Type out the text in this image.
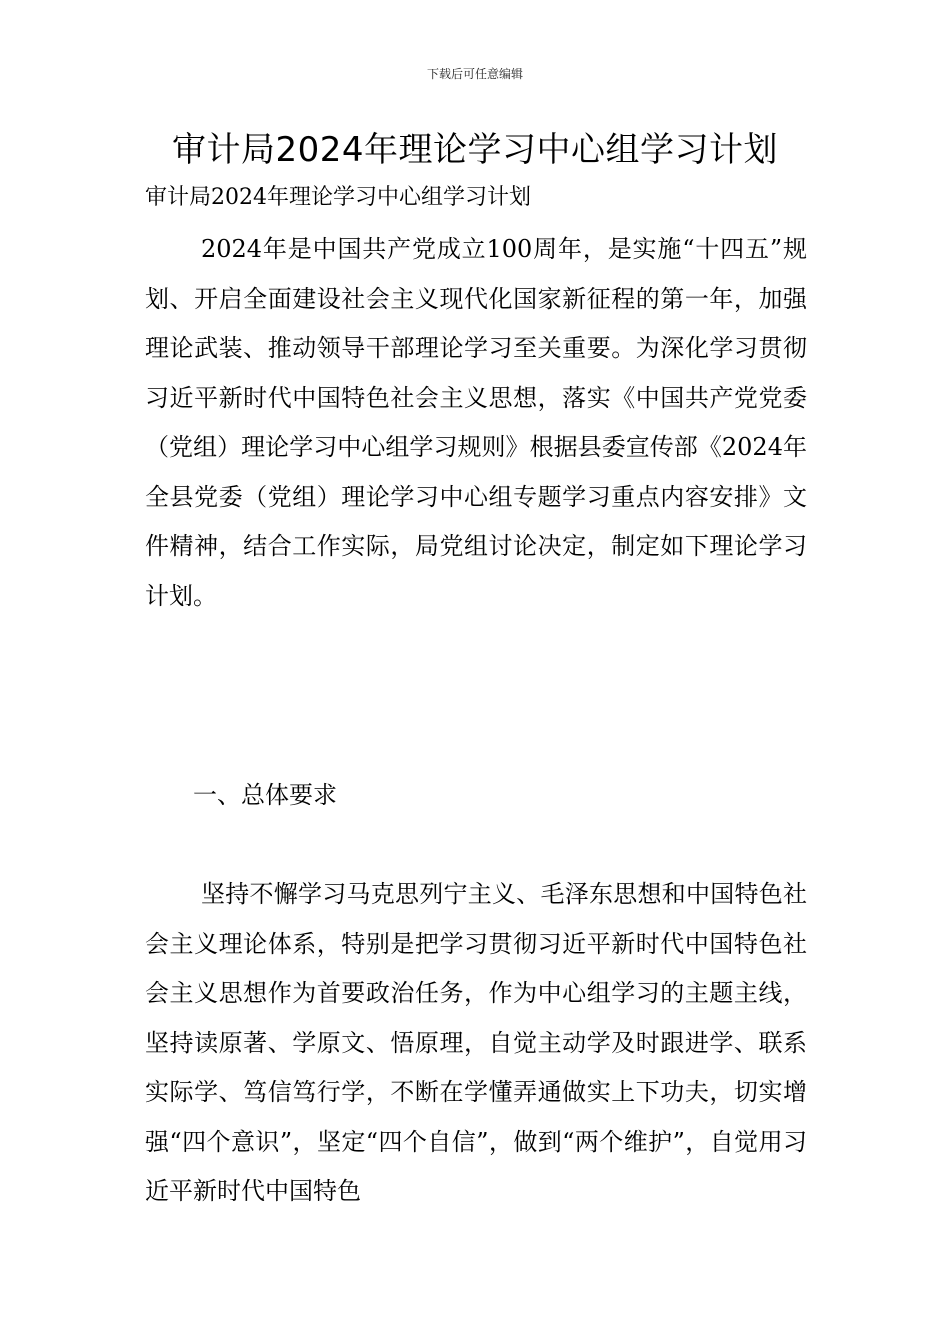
下载后可任意编辑
审计局2024年理论学习中心组学习计划
审计局2024年理论学习中心组学习计划

2024年是中国共产党成立100周年，是实施“十四五”规划、开启全面建设社会主义现代化国家新征程的第一年，加强理论武装、推动领导干部理论学习至关重要。为深化学习贯彻习近平新时代中国特色社会主义思想，落实《中国共产党党委（党组）理论学习中心组学习规则》根据县委宣传部《2024年全县党委（党组）理论学习中心组专题学习重点内容安排》文件精神，结合工作实际，局党组讨论决定，制定如下理论学习计划。

一、总体要求

坚持不懈学习马克思列宁主义、毛泽东思想和中国特色社会主义理论体系，特别是把学习贯彻习近平新时代中国特色社会主义思想作为首要政治任务，作为中心组学习的主题主线，坚持读原著、学原文、悟原理，自觉主动学及时跟进学、联系实际学、笃信笃行学，不断在学懂弄通做实上下功夫，切实增强“四个意识”，坚定“四个自信”，做到“两个维护”，自觉用习近平新时代中国特色
